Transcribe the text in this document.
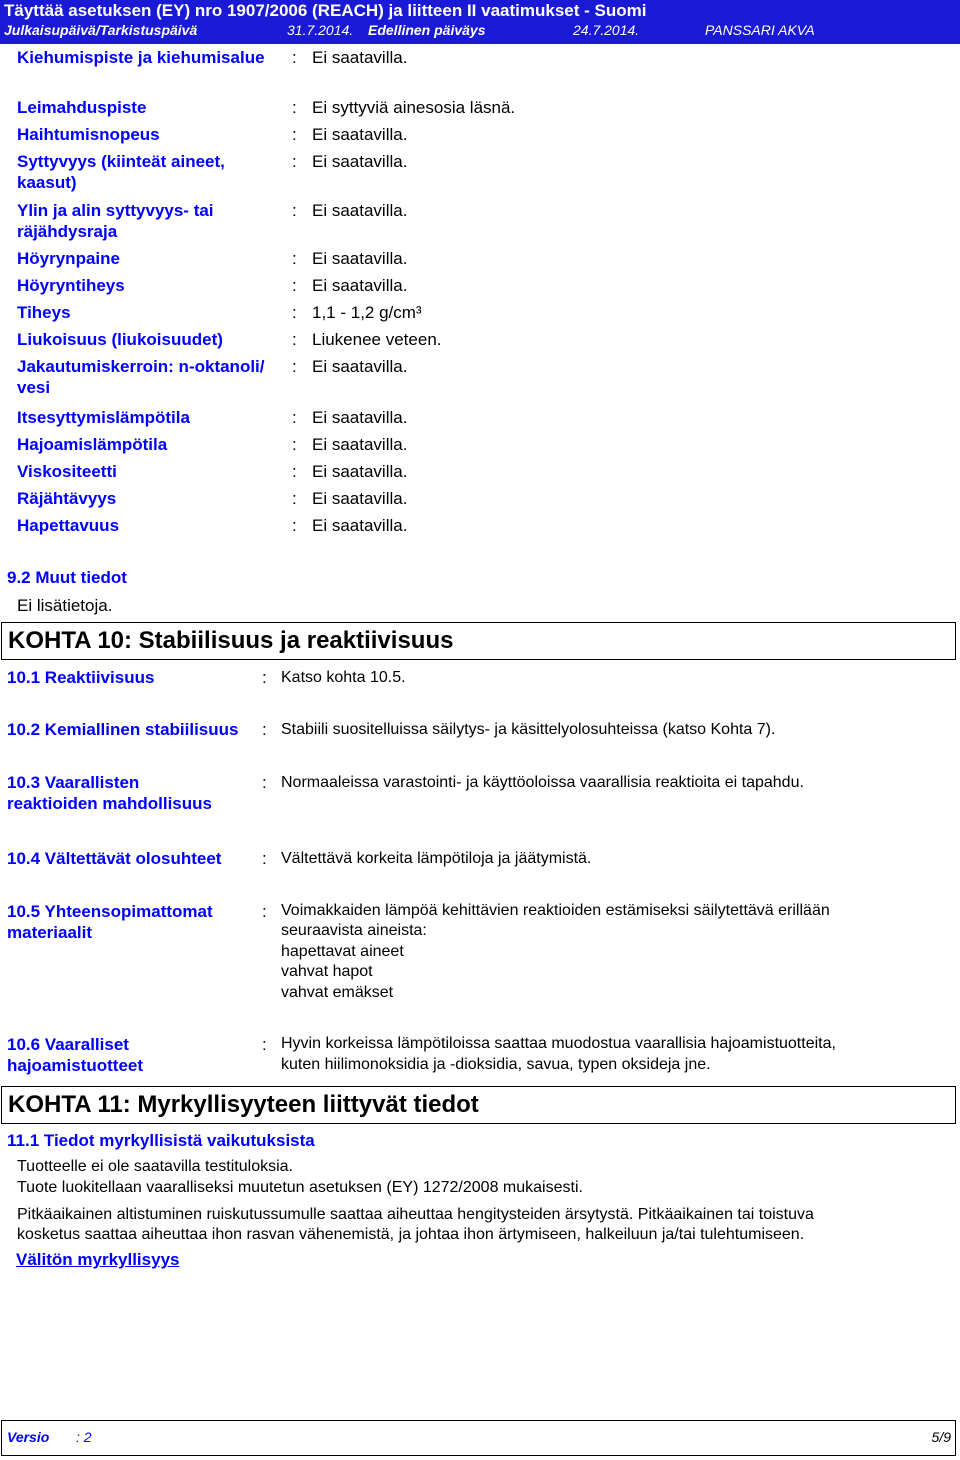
Täyttää asetuksen (EY) nro 1907/2006 (REACH) ja liitteen II vaatimukset - Suomi
Julkaisupäivä/Tarkistuspäivä	31.7.2014. Edellinen päiväys	24.7.2014.	PANSSARI AKVA
Kiehumispiste ja kiehumisalue	: Ei saatavilla.
Leimahduspiste	: Ei syttyviä ainesosia läsnä.
Haihtumisnopeus	: Ei saatavilla.
Syttyvyys (kiinteät aineet, kaasut)
: Ei saatavilla.
Ylin ja alin syttyvyys- tai räjähdysraja
: Ei saatavilla.
Höyrynpaine	: Ei saatavilla.
Höyryntiheys	: Ei saatavilla.
Tiheys	: 1,1 - 1,2 g/cm³
Liukoisuus (liukoisuudet)	: Liukenee veteen.
Jakautumiskerroin: n-oktanoli/ vesi
: Ei saatavilla.
Itsesyttymislämpötila	: Ei saatavilla.
Hajoamislämpötila	: Ei saatavilla.
Viskositeetti	: Ei saatavilla.
Räjähtävyys	: Ei saatavilla.
Hapettavuus	: Ei saatavilla.
9.2 Muut tiedot
Ei lisätietoja.
KOHTA 10: Stabiilisuus ja reaktiivisuus
10.1 Reaktiivisuus	: Katso kohta 10.5.
10.2 Kemiallinen stabiilisuus	: Stabiili suositelluissa säilytys- ja käsittelyolosuhteissa (katso Kohta 7).
10.3 Vaarallisten reaktioiden mahdollisuus
: Normaaleissa varastointi- ja käyttöoloissa vaarallisia reaktioita ei tapahdu.
10.4 Vältettävät olosuhteet	: Vältettävä korkeita lämpötiloja ja jäätymistä.
10.5 Yhteensopimattomat materiaalit
: Voimakkaiden lämpöä kehittävien reaktioiden estämiseksi säilytettävä erillään
seuraavista aineista:
hapettavat aineet
vahvat hapot
vahvat emäkset
10.6 Vaaralliset hajoamistuotteet
: Hyvin korkeissa lämpötiloissa saattaa muodostua vaarallisia hajoamistuotteita,
kuten hiilimonoksidia ja -dioksidia, savua, typen oksideja jne.
KOHTA 11: Myrkyllisyyteen liittyvät tiedot
11.1 Tiedot myrkyllisistä vaikutuksista
Tuotteelle ei ole saatavilla testituloksia.
Tuote luokitellaan vaaralliseksi muutetun asetuksen (EY) 1272/2008 mukaisesti.
Pitkäaikainen altistuminen ruiskutussumulle saattaa aiheuttaa hengitysteiden ärsytystä. Pitkäaikainen tai toistuva
kosketus saattaa aiheuttaa ihon rasvan vähenemistä, ja johtaa ihon ärtymiseen, halkeiluun ja/tai tulehtumiseen.
Välitön myrkyllisyys
Versio : 2	5/9
